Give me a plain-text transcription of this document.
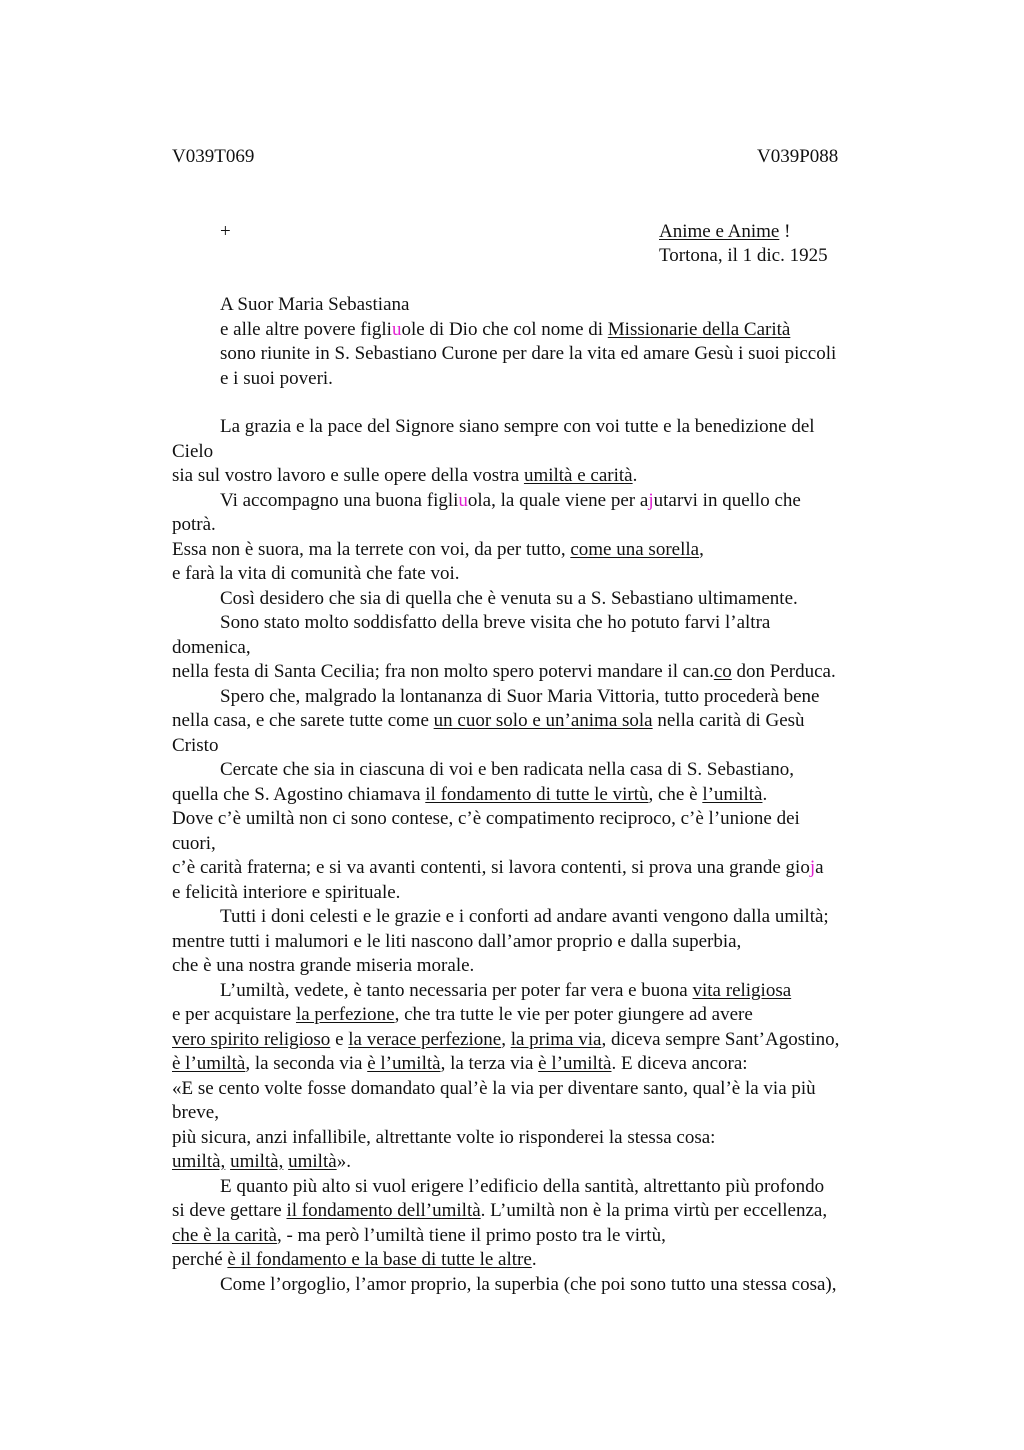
V039T069	V039P088
+	Anime e Anime !
Tortona, il 1 dic. 1925
A Suor Maria Sebastiana
e alle altre povere figliuole di Dio che col nome di Missionarie della Carità
sono riunite in S. Sebastiano Curone per dare la vita ed amare Gesù i suoi piccoli
e i suoi poveri.
La grazia e la pace del Signore siano sempre con voi tutte e la benedizione del
Cielo
sia sul vostro lavoro e sulle opere della vostra umiltà e carità.
Vi accompagno una buona figliuola, la quale viene per ajutarvi in quello che
potrà.
Essa non è suora, ma la terrete con voi, da per tutto, come una sorella,
e farà la vita di comunità che fate voi.
Così desidero che sia di quella che è venuta su a S. Sebastiano ultimamente.
Sono stato molto soddisfatto della breve visita che ho potuto farvi l’altra
domenica,
nella festa di Santa Cecilia; fra non molto spero potervi mandare il can.co don Perduca.
Spero che, malgrado la lontananza di Suor Maria Vittoria, tutto procederà bene
nella casa, e che sarete tutte come un cuor solo e un’anima sola nella carità di Gesù
Cristo
Cercate che sia in ciascuna di voi e ben radicata nella casa di S. Sebastiano,
quella che S. Agostino chiamava il fondamento di tutte le virtù, che è l’umiltà.
Dove c’è umiltà non ci sono contese, c’è compatimento reciproco, c’è l’unione dei
cuori,
c’è carità fraterna; e si va avanti contenti, si lavora contenti, si prova una grande gioja
e felicità interiore e spirituale.
Tutti i doni celesti e le grazie e i conforti ad andare avanti vengono dalla umiltà;
mentre tutti i malumori e le liti nascono dall’amor proprio e dalla superbia,
che è una nostra grande miseria morale.
L’umiltà, vedete, è tanto necessaria per poter far vera e buona vita religiosa
e per acquistare la perfezione, che tra tutte le vie per poter giungere ad avere
vero spirito religioso e la verace perfezione, la prima via, diceva sempre Sant’Agostino,
è l’umiltà, la seconda via è l’umiltà, la terza via è l’umiltà. E diceva ancora:
«E se cento volte fosse domandato qual’è la via per diventare santo, qual’è la via più
breve,
più sicura, anzi infallibile, altrettante volte io risponderei la stessa cosa:
umiltà, umiltà, umiltà».
E quanto più alto si vuol erigere l’edificio della santità, altrettanto più profondo
si deve gettare il fondamento dell’umiltà. L’umiltà non è la prima virtù per eccellenza,
che è la carità, - ma però l’umiltà tiene il primo posto tra le virtù,
perché è il fondamento e la base di tutte le altre.
Come l’orgoglio, l’amor proprio, la superbia (che poi sono tutto una stessa cosa),
